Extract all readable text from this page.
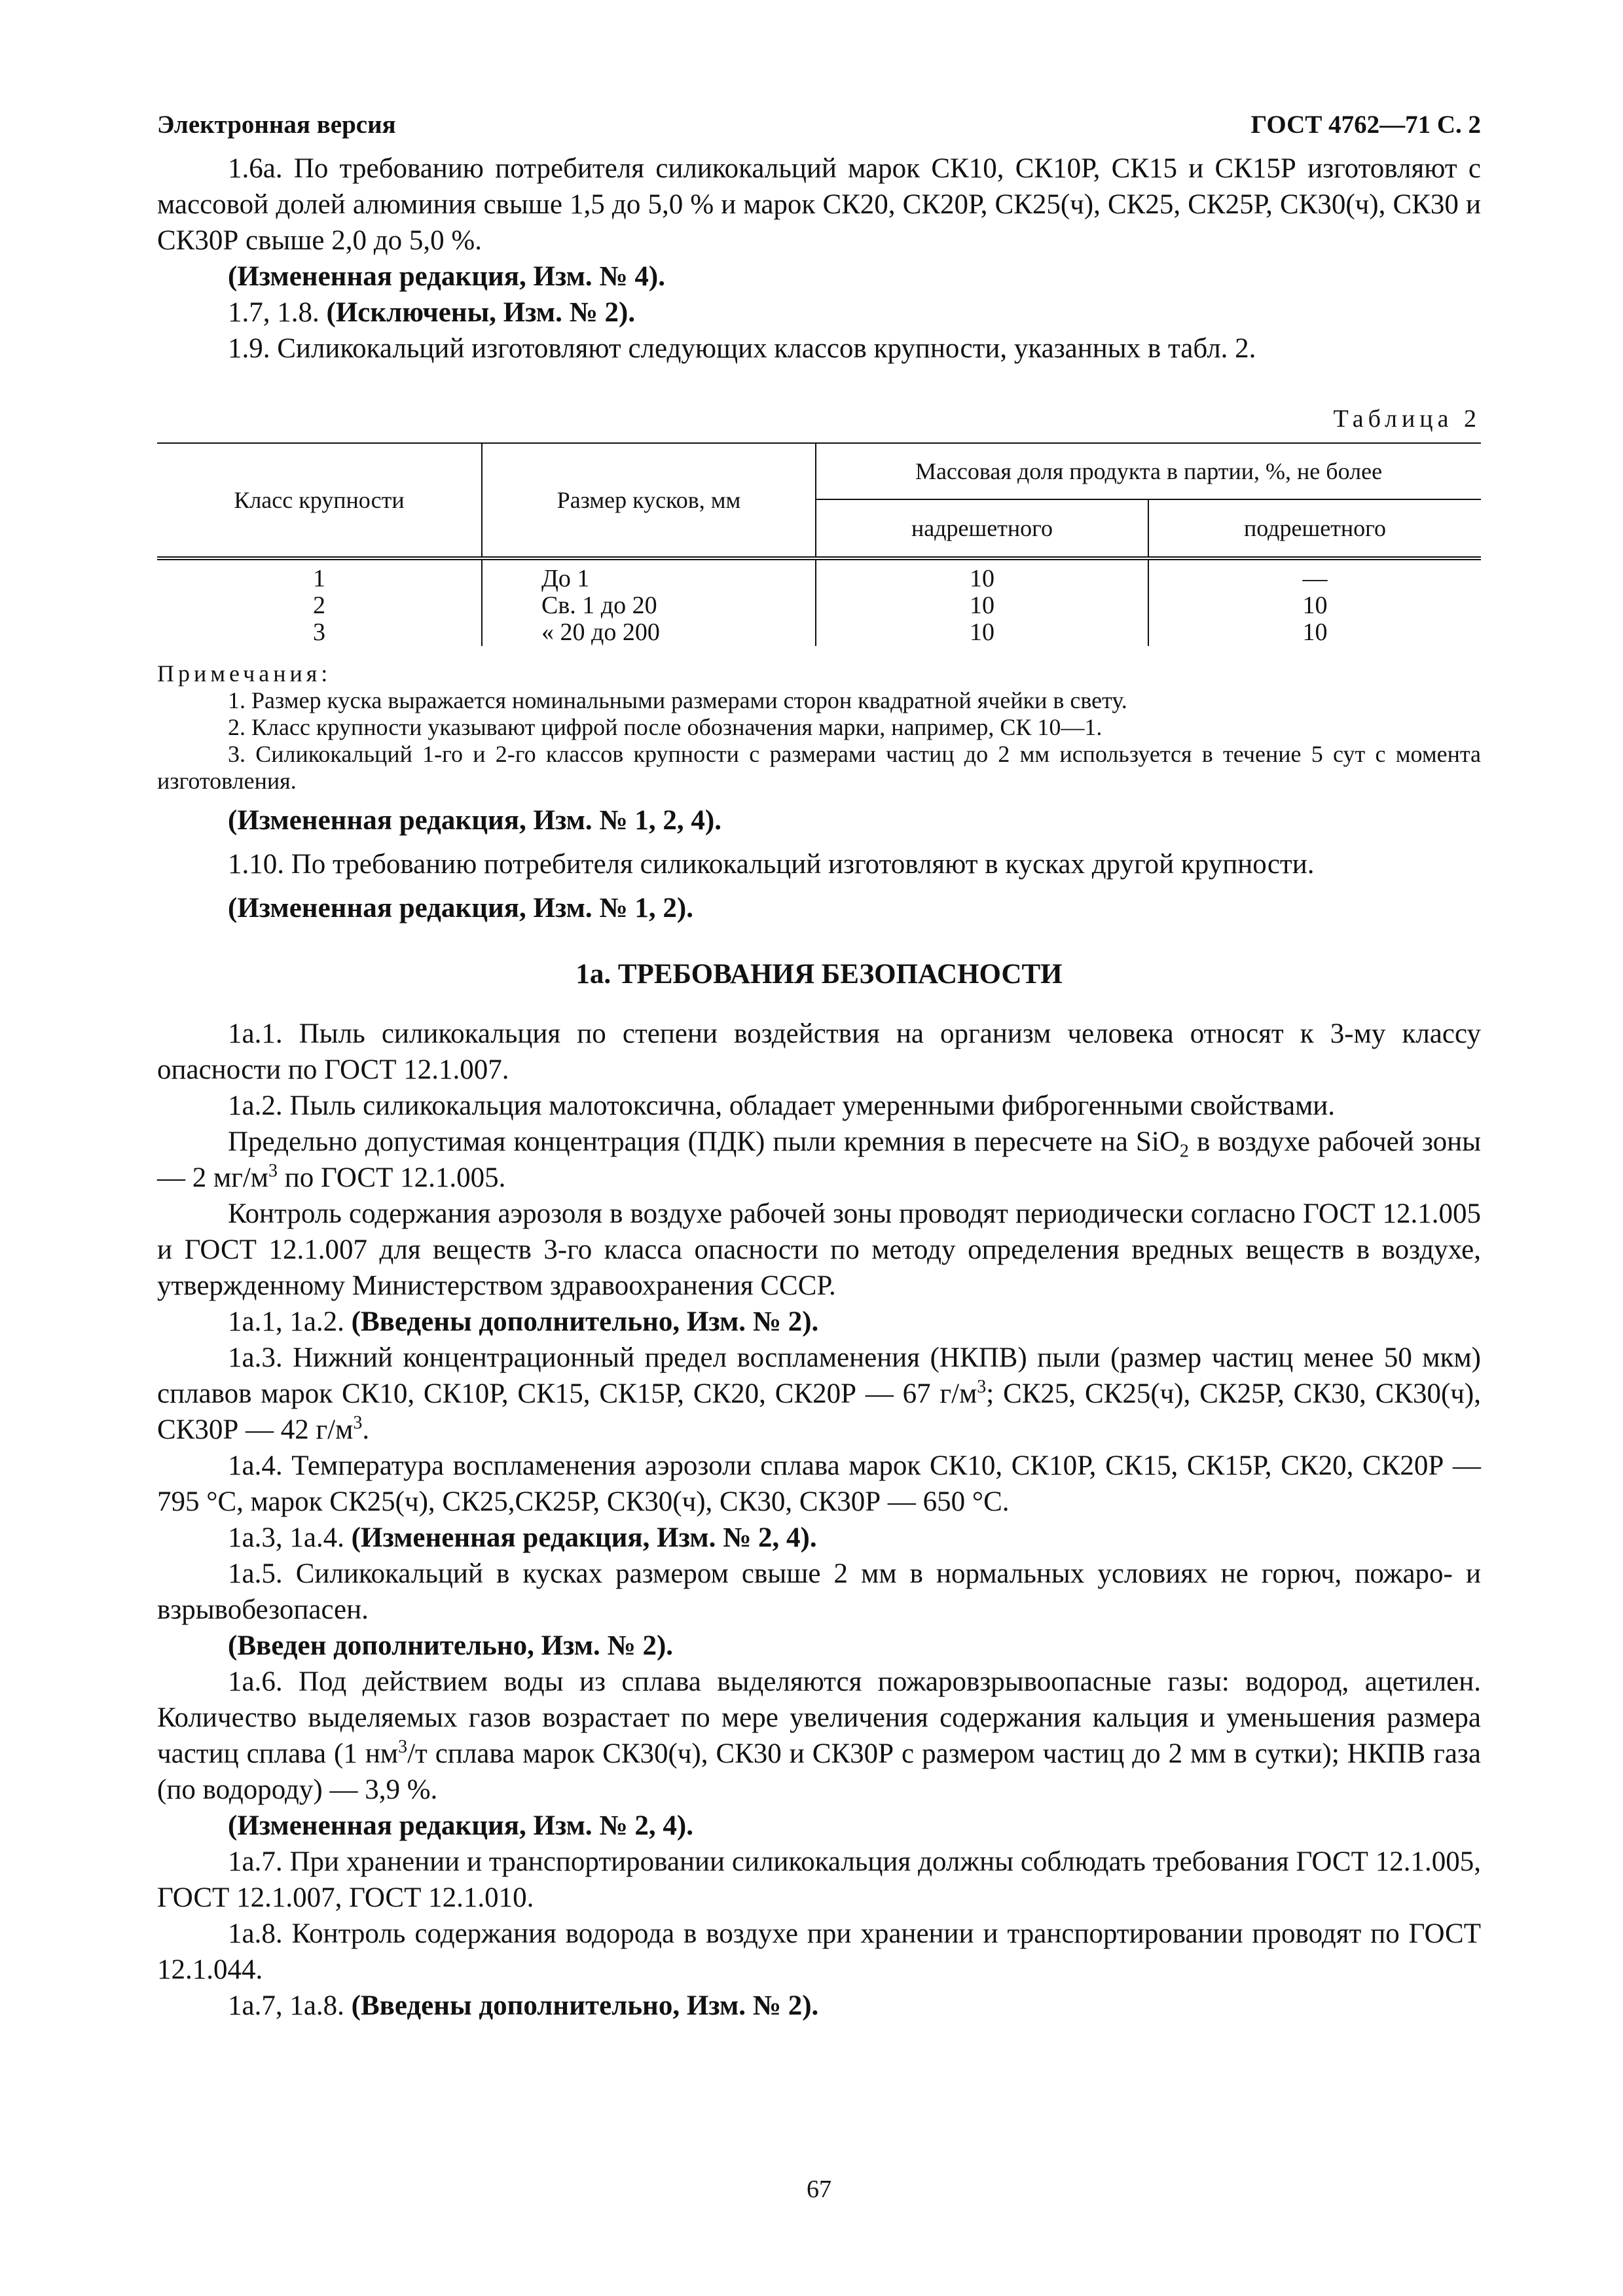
Электронная версия	ГОСТ 4762—71 С. 2

1.6а. По требованию потребителя силикокальций марок СК10, СК10Р, СК15 и СК15Р изготовляют с массовой долей алюминия свыше 1,5 до 5,0 % и марок СК20, СК20Р, СК25(ч), СК25, СК25Р, СК30(ч), СК30 и СК30Р свыше 2,0 до 5,0 %.

(Измененная редакция, Изм. № 4).

1.7, 1.8. (Исключены, Изм. № 2).

1.9. Силикокальций изготовляют следующих классов крупности, указанных в табл. 2.

Таблица 2
Класс крупности	Размер кусков, мм	Массовая доля продукта в партии, %, не более	
		надрешетного	подрешетного
1	До 1	10	—
2	Св. 1 до 20	10	10
3	« 20 до 200	10	10
Примечания:

1. Размер куска выражается номинальными размерами сторон квадратной ячейки в свету.

2. Класс крупности указывают цифрой после обозначения марки, например, СК 10—1.

3. Силикокальций 1-го и 2-го классов крупности с размерами частиц до 2 мм используется в течение 5 сут с момента изготовления.

(Измененная редакция, Изм. № 1, 2, 4).

1.10. По требованию потребителя силикокальций изготовляют в кусках другой крупности.

(Измененная редакция, Изм. № 1, 2).

1а. ТРЕБОВАНИЯ БЕЗОПАСНОСТИ

1а.1. Пыль силикокальция по степени воздействия на организм человека относят к 3-му классу опасности по ГОСТ 12.1.007.

1а.2. Пыль силикокальция малотоксична, обладает умеренными фиброгенными свойствами.

Предельно допустимая концентрация (ПДК) пыли кремния в пересчете на SiO$_2$ в воздухе рабочей зоны — 2 $мг/м^3$ по ГОСТ 12.1.005.

Контроль содержания аэрозоля в воздухе рабочей зоны проводят периодически согласно ГОСТ 12.1.005 и ГОСТ 12.1.007 для веществ 3-го класса опасности по методу определения вредных веществ в воздухе, утвержденному Министерством здравоохранения СССР.

1а.1, 1а.2. (Введены дополнительно, Изм. № 2).

1а.3. Нижний концентрационный предел воспламенения (НКПВ) пыли (размер частиц менее 50 мкм) сплавов марок СК10, СК10Р, СК15, СК15Р, СК20, СК20Р — 67 $г/м^3$; СК25, СК25(ч), СК25Р, СК30, СК30(ч), СК30Р — 42 $г/м^3$.

1а.4. Температура воспламенения аэрозоли сплава марок СК10, СК10Р, СК15, СК15Р, СК20, СК20Р — 795 °С, марок СК25(ч), СК25,СК25Р, СК30(ч), СК30, СК30Р — 650 °С.

1а.3, 1а.4. (Измененная редакция, Изм. № 2, 4).

1а.5. Силикокальций в кусках размером свыше 2 мм в нормальных условиях не горюч, пожаро- и взрывобезопасен.

(Введен дополнительно, Изм. № 2).

1а.6. Под действием воды из сплава выделяются пожаровзрывоопасные газы: водород, ацетилен. Количество выделяемых газов возрастает по мере увеличения содержания кальция и уменьшения размера частиц сплава (1 $нм^3/т$ сплава марок СК30(ч), СК30 и СК30Р с размером частиц до 2 мм в сутки); НКПВ газа (по водороду) — 3,9 %.

(Измененная редакция, Изм. № 2, 4).

1а.7. При хранении и транспортировании силикокальция должны соблюдать требования ГОСТ 12.1.005, ГОСТ 12.1.007, ГОСТ 12.1.010.

1а.8. Контроль содержания водорода в воздухе при хранении и транспортировании проводят по ГОСТ 12.1.044.

1а.7, 1а.8. (Введены дополнительно, Изм. № 2).

67
